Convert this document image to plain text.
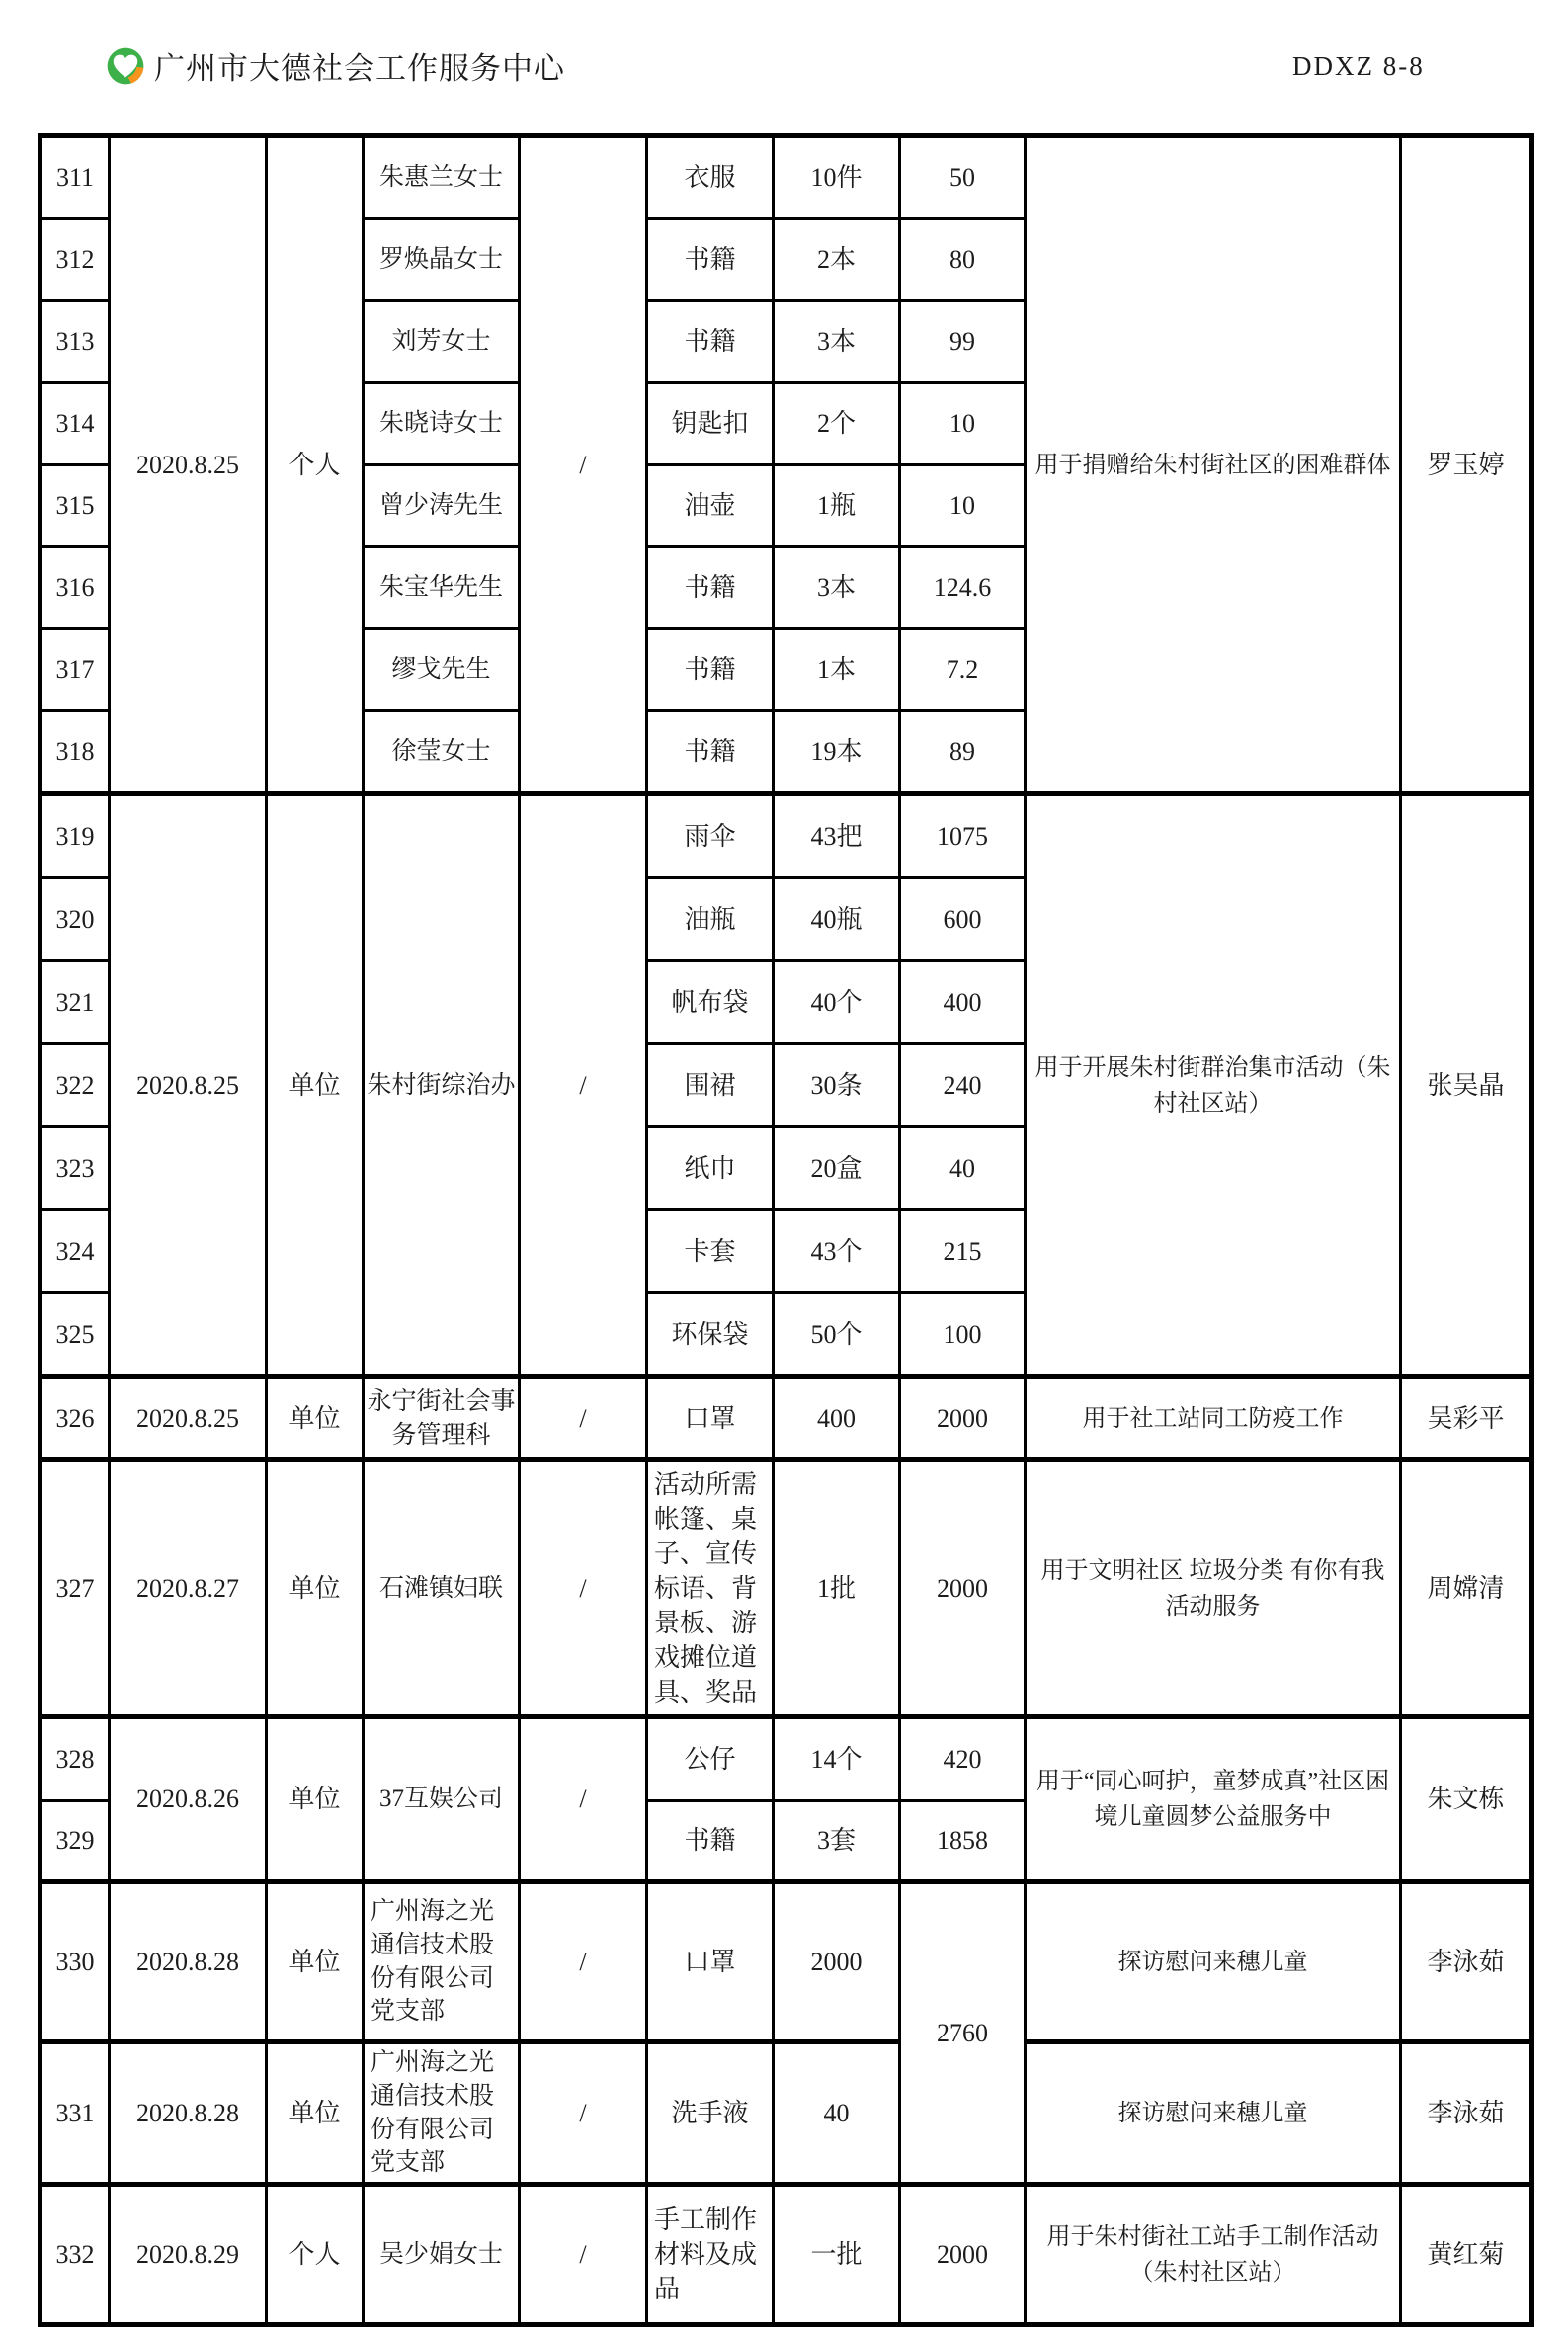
广州市大德社会工作服务中心	DDXZ 8-8
311	2020.8.25	个人	朱惠兰女士	/	衣服	10件	50	用于捐赠给朱村街社区的困难群体	罗玉婷
312			罗焕晶女士		书籍	2本	80		
313			刘芳女士		书籍	3本	99		
314			朱晓诗女士		钥匙扣	2个	10		
315			曾少涛先生		油壶	1瓶	10		
316			朱宝华先生		书籍	3本	124.6		
317			缪戈先生		书籍	1本	7.2		
318			徐莹女士		书籍	19本	89		
319	2020.8.25	单位	朱村街综治办	/	雨伞	43把	1075	用于开展朱村街群治集市活动（朱村社区站）	张吴晶
320					油瓶	40瓶	600		
321					帆布袋	40个	400		
322					围裙	30条	240		
323					纸巾	20盒	40		
324					卡套	43个	215		
325					环保袋	50个	100		
326	2020.8.25	单位	永宁街社会事务管理科	/	口罩	400	2000	用于社工站同工防疫工作	吴彩平
327	2020.8.27	单位	石滩镇妇联	/	活动所需帐篷、桌子、宣传标语、背景板、游戏摊位道具、奖品	1批	2000	用于文明社区 垃圾分类 有你有我活动服务	周嫦清
328	2020.8.26	单位	37互娱公司	/	公仔	14个	420	用于“同心呵护，童梦成真”社区困境儿童圆梦公益服务中	朱文栋
329					书籍	3套	1858		
330	2020.8.28	单位	广州海之光通信技术股份有限公司党支部	/	口罩	2000	2760	探访慰问来穗儿童	李泳茹
331	2020.8.28	单位	广州海之光通信技术股份有限公司党支部	/	洗手液	40		探访慰问来穗儿童	李泳茹
332	2020.8.29	个人	吴少娟女士	/	手工制作材料及成品	一批	2000	用于朱村街社工站手工制作活动（朱村社区站）	黄红菊
